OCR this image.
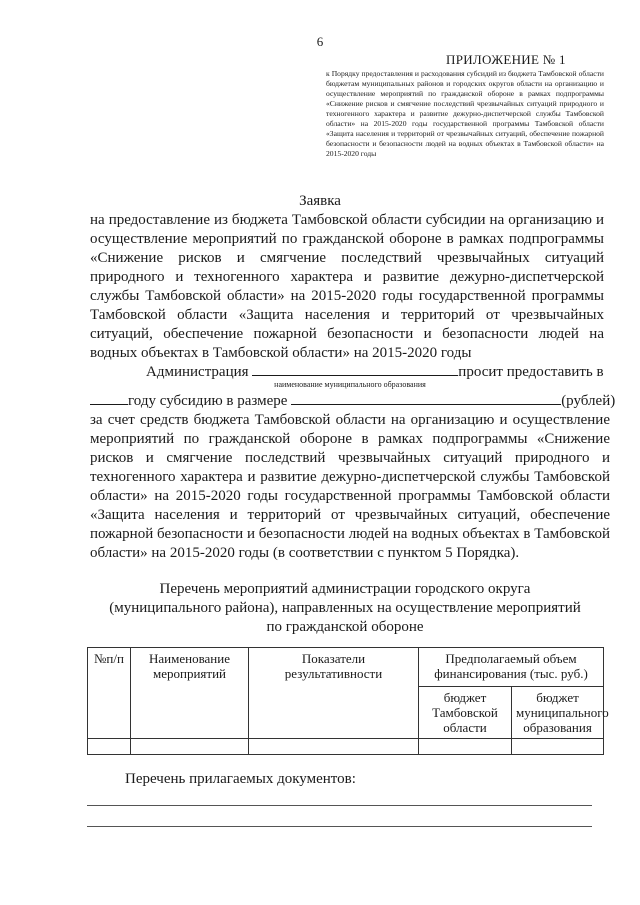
6
ПРИЛОЖЕНИЕ № 1
к Порядку предоставления и расходования субсидий из бюджета Тамбовской области бюджетам муниципальных районов и городских округов области на организацию и осуществление мероприятий по гражданской обороне в рамках подпрограммы «Снижение рисков и смягчение последствий чрезвычайных ситуаций природного и техногенного характера и развитие дежурно-диспетчерской службы Тамбовской области» на 2015-2020 годы государственной программы Тамбовской области «Защита населения и территорий от чрезвычайных ситуаций, обеспечение пожарной безопасности и безопасности людей на водных объектах в Тамбовской области» на 2015-2020 годы
Заявка
на предоставление из бюджета Тамбовской области субсидии на организацию и осуществление мероприятий по гражданской обороне в рамках подпрограммы «Снижение рисков и смягчение последствий чрезвычайных ситуаций природного и техногенного характера и развитие дежурно-диспетчерской службы Тамбовской области» на 2015-2020 годы государственной программы Тамбовской области «Защита населения и территорий от чрезвычайных ситуаций, обеспечение пожарной безопасности и безопасности людей на водных объектах в Тамбовской области» на 2015-2020 годы
Администрация	просит предоставить в
наименование муниципального образования
году субсидию в размере	(рублей)
за счет средств бюджета Тамбовской области на организацию и осуществление мероприятий по гражданской обороне в рамках подпрограммы «Снижение рисков и смягчение последствий чрезвычайных ситуаций природного и техногенного характера и развитие дежурно-диспетчерской службы Тамбовской области» на 2015-2020 годы государственной программы Тамбовской области «Защита населения и территорий от чрезвычайных ситуаций, обеспечение пожарной безопасности и безопасности людей на водных объектах в Тамбовской области» на 2015-2020 годы (в соответствии с пунктом 5 Порядка).
Перечень мероприятий администрации городского округа (муниципального района), направленных на осуществление мероприятий по гражданской обороне
№п/п	Наименование мероприятий	Показатели результативности	Предполагаемый объем финансирования (тыс. руб.)	
			бюджет Тамбовской области	бюджет муниципального образования

Перечень прилагаемых документов:
